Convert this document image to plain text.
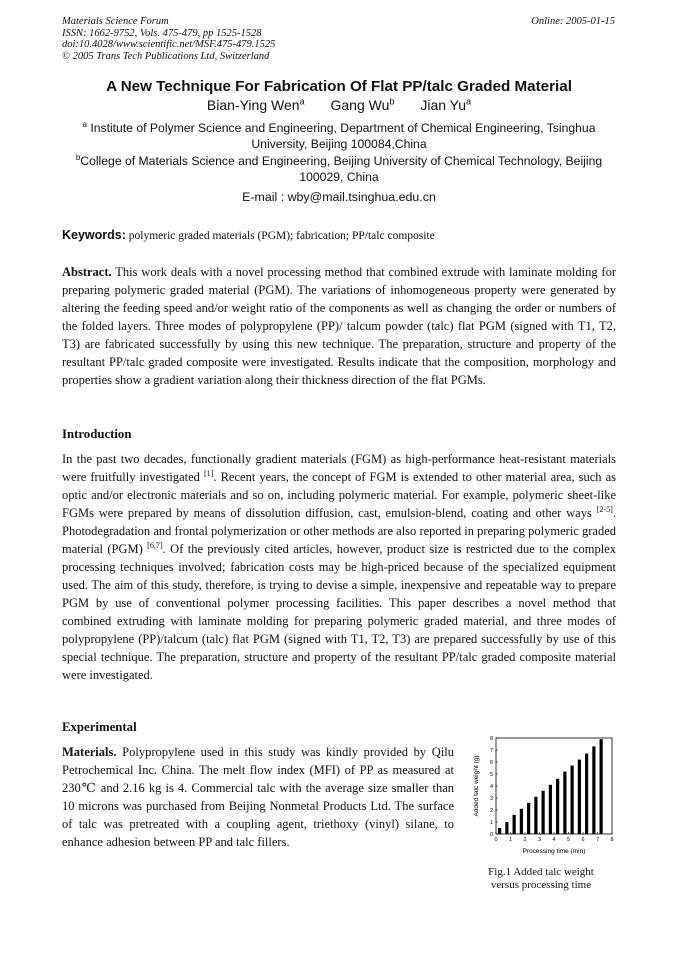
Materials Science Forum
ISSN: 1662-9752, Vols. 475-479, pp 1525-1528
doi:10.4028/www.scientific.net/MSF.475-479.1525
© 2005 Trans Tech Publications Ltd, Switzerland
Online: 2005-01-15
A New Technique For Fabrication Of Flat PP/talc Graded Material
Bian-Ying Wen$^a$ Gang Wu$^b$ Jian Yu$^a$
$^a$ Institute of Polymer Science and Engineering, Department of Chemical Engineering, Tsinghua University, Beijing 100084,China
$^b$College of Materials Science and Engineering, Beijing University of Chemical Technology, Beijing 100029, China
E-mail : wby@mail.tsinghua.edu.cn
Keywords: polymeric graded materials (PGM); fabrication; PP/talc composite
Abstract. This work deals with a novel processing method that combined extrude with laminate molding for preparing polymeric graded material (PGM). The variations of inhomogeneous property were generated by altering the feeding speed and/or weight ratio of the components as well as changing the order or numbers of the folded layers. Three modes of polypropylene (PP)/ talcum powder (talc) flat PGM (signed with T1, T2, T3) are fabricated successfully by using this new technique. The preparation, structure and property of the resultant PP/talc graded composite were investigated. Results indicate that the composition, morphology and properties show a gradient variation along their thickness direction of the flat PGMs.
Introduction
In the past two decades, functionally gradient materials (FGM) as high-performance heat-resistant materials were fruitfully investigated [1]. Recent years, the concept of FGM is extended to other material area, such as optic and/or electronic materials and so on, including polymeric material. For example, polymeric sheet-like FGMs were prepared by means of dissolution diffusion, cast, emulsion-blend, coating and other ways [2-5]. Photodegradation and frontal polymerization or other methods are also reported in preparing polymeric graded material (PGM) [6,7]. Of the previously cited articles, however, product size is restricted due to the complex processing techniques involved; fabrication costs may be high-priced because of the specialized equipment used. The aim of this study, therefore, is trying to devise a simple, inexpensive and repeatable way to prepare PGM by use of conventional polymer processing facilities. This paper describes a novel method that combined extruding with laminate molding for preparing polymeric graded material, and three modes of polypropylene (PP)/talcum (talc) flat PGM (signed with T1, T2, T3) are prepared successfully by use of this special technique. The preparation, structure and property of the resultant PP/talc graded composite material were investigated.
Experimental
Materials. Polypropylene used in this study was kindly provided by Qilu Petrochemical Inc. China. The melt flow index (MFI) of PP as measured at 230℃ and 2.16 kg is 4. Commercial talc with the average size smaller than 10 microns was purchased from Beijing Nonmetal Products Ltd. The surface of talc was pretreated with a coupling agent, triethoxy (vinyl) silane, to enhance adhesion between PP and talc fillers.	0 1 2 3 4 5 6 7 8
0
1
2
3
4
5
6
7
8
Processing time (min)
Added talc weight (g)
Fig.1 Added talc weight
versus processing time
